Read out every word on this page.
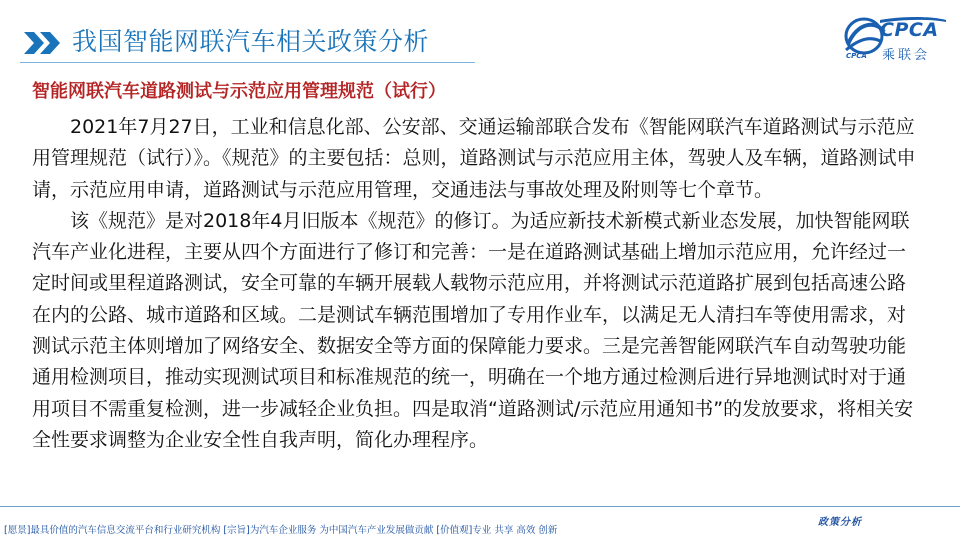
我国智能网联汽车相关政策分析	CPCA
乘联会
CPCA
智能网联汽车道路测试与示范应用管理规范（试行）

2021年7月27日，工业和信息化部、公安部、交通运输部联合发布《智能网联汽车道路测试与示范应用管理规范（试行）》。《规范》的主要包括：总则，道路测试与示范应用主体，驾驶人及车辆，道路测试申请，示范应用申请，道路测试与示范应用管理，交通违法与事故处理及附则等七个章节。

该《规范》是对2018年4月旧版本《规范》的修订。为适应新技术新模式新业态发展，加快智能网联汽车产业化进程，主要从四个方面进行了修订和完善：一是在道路测试基础上增加示范应用，允许经过一定时间或里程道路测试，安全可靠的车辆开展载人载物示范应用，并将测试示范道路扩展到包括高速公路在内的公路、城市道路和区域。二是测试车辆范围增加了专用作业车，以满足无人清扫车等使用需求，对测试示范主体则增加了网络安全、数据安全等方面的保障能力要求。三是完善智能网联汽车自动驾驶功能通用检测项目，推动实现测试项目和标准规范的统一，明确在一个地方通过检测后进行异地测试时对于通用项目不需重复检测，进一步减轻企业负担。四是取消“道路测试/示范应用通知书”的发放要求，将相关安全性要求调整为企业安全性自我声明，简化办理程序。

[愿景]最具价值的汽车信息交流平台和行业研究机构 [宗旨]为汽车企业服务 为中国汽车产业发展做贡献 [价值观]专业 共享 高效 创新
政策分析
